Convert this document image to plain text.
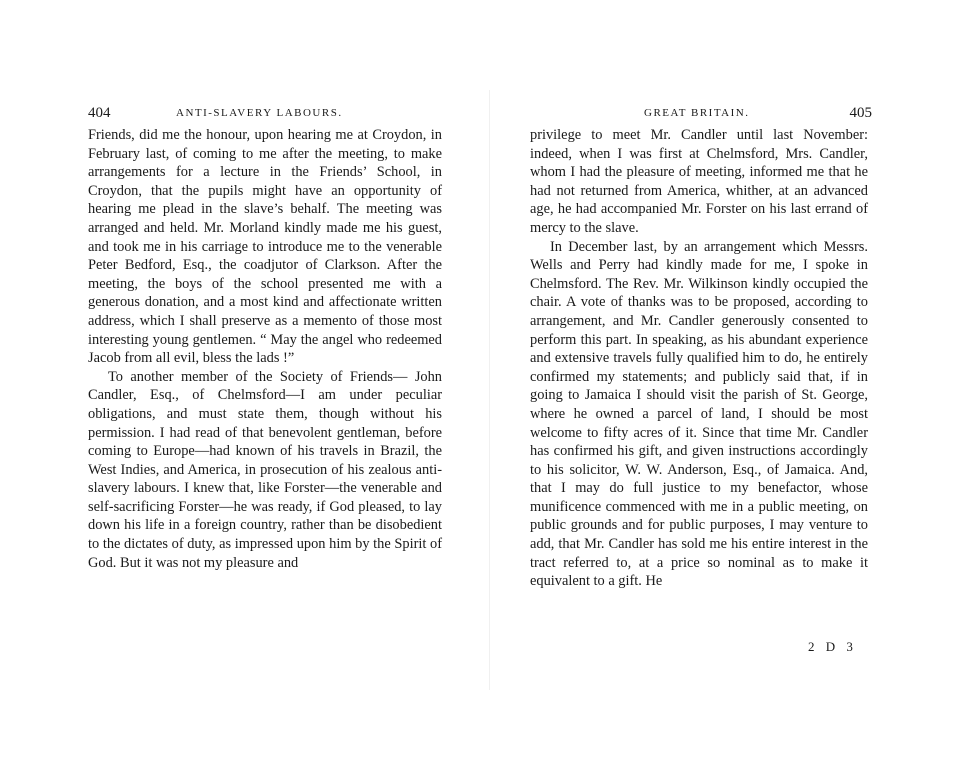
404	ANTI-SLAVERY LABOURS.

Friends, did me the honour, upon hearing me at Croydon, in February last, of coming to me after the meeting, to make arrangements for a lecture in the Friends’ School, in Croydon, that the pupils might have an opportunity of hearing me plead in the slave’s behalf. The meeting was arranged and held. Mr. Morland kindly made me his guest, and took me in his carriage to introduce me to the venerable Peter Bedford, Esq., the coadjutor of Clarkson. After the meeting, the boys of the school presented me with a generous donation, and a most kind and affectionate written address, which I shall preserve as a memento of those most interesting young gentlemen. “ May the angel who redeemed Jacob from all evil, bless the lads !”

To another member of the Society of Friends— John Candler, Esq., of Chelmsford—I am under peculiar obligations, and must state them, though without his permission. I had read of that benevolent gentleman, before coming to Europe—had known of his travels in Brazil, the West Indies, and America, in prosecution of his zealous anti-slavery labours. I knew that, like Forster—the venerable and self-sacrificing Forster—he was ready, if God pleased, to lay down his life in a foreign country, rather than be disobedient to the dictates of duty, as impressed upon him by the Spirit of God. But it was not my pleasure and

GREAT BRITAIN.	405

privilege to meet Mr. Candler until last November: indeed, when I was first at Chelmsford, Mrs. Candler, whom I had the pleasure of meeting, informed me that he had not returned from America, whither, at an advanced age, he had accompanied Mr. Forster on his last errand of mercy to the slave.

In December last, by an arrangement which Messrs. Wells and Perry had kindly made for me, I spoke in Chelmsford. The Rev. Mr. Wilkinson kindly occupied the chair. A vote of thanks was to be proposed, according to arrangement, and Mr. Candler generously consented to perform this part. In speaking, as his abundant experience and extensive travels fully qualified him to do, he entirely confirmed my statements; and publicly said that, if in going to Jamaica I should visit the parish of St. George, where he owned a parcel of land, I should be most welcome to fifty acres of it. Since that time Mr. Candler has confirmed his gift, and given instructions accordingly to his solicitor, W. W. Anderson, Esq., of Jamaica. And, that I may do full justice to my benefactor, whose munificence commenced with me in a public meeting, on public grounds and for public purposes, I may venture to add, that Mr. Candler has sold me his entire interest in the tract referred to, at a price so nominal as to make it equivalent to a gift. He

2 D 3
